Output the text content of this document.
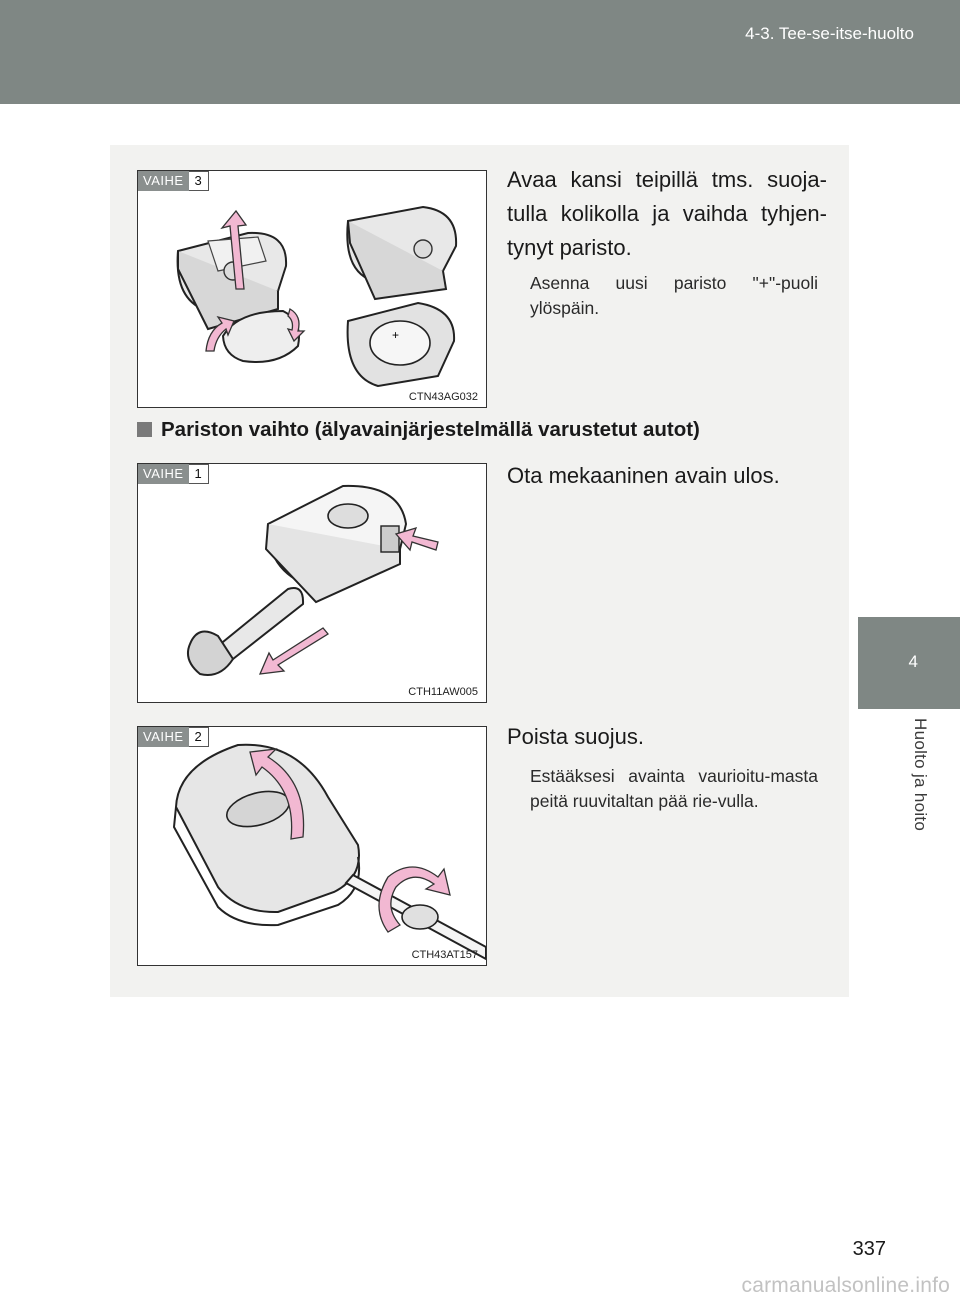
4-3. Tee-se-itse-huolto
4
Huolto ja hoito
+
VAIHE 3
CTN43AG032
Avaa kansi teipillä tms. suoja-tulla kolikolla ja vaihda tyhjen-tynyt paristo.
Asenna uusi paristo "+"-puoli ylöspäin.
Pariston vaihto (älyavainjärjestelmällä varustetut autot)
VAIHE 1
CTH11AW005
Ota mekaaninen avain ulos.
VAIHE 2
CTH43AT157
Poista suojus.
Estääksesi avainta vaurioitu-masta peitä ruuvitaltan pää rie-vulla.
337
carmanualsonline.info
